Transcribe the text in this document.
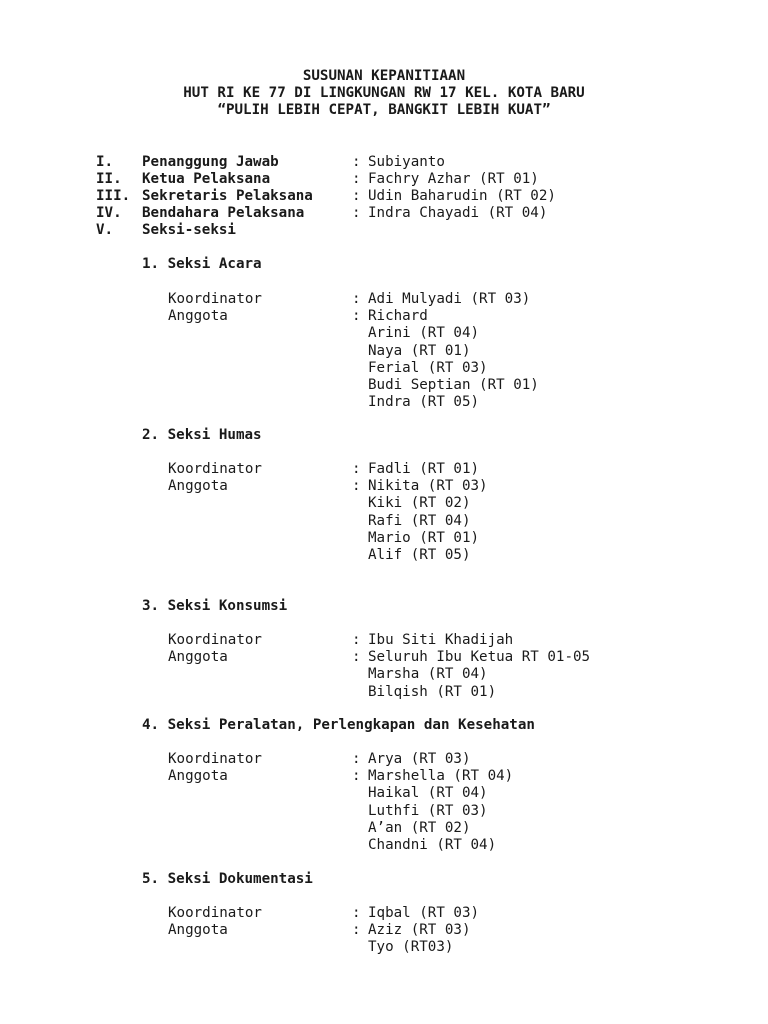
SUSUNAN KEPANITIAAN
HUT RI KE 77 DI LINGKUNGAN RW 17 KEL. KOTA BARU
“PULIH LEBIH CEPAT, BANGKIT LEBIH KUAT”
I. Penanggung Jawab	: Subiyanto
II. Ketua Pelaksana	: Fachry Azhar (RT 01)
III. Sekretaris Pelaksana	: Udin Baharudin (RT 02)
IV. Bendahara Pelaksana	: Indra Chayadi (RT 04)
V. Seksi-seksi
1. Seksi Acara
Koordinator	: Adi Mulyadi (RT 03)
Anggota	: Richard
Arini (RT 04)
Naya (RT 01)
Ferial (RT 03)
Budi Septian (RT 01)
Indra (RT 05)
2. Seksi Humas
Koordinator	: Fadli (RT 01)
Anggota	: Nikita (RT 03)
Kiki (RT 02)
Rafi (RT 04)
Mario (RT 01)
Alif (RT 05)
3. Seksi Konsumsi
Koordinator	: Ibu Siti Khadijah
Anggota	: Seluruh Ibu Ketua RT 01-05
Marsha (RT 04)
Bilqish (RT 01)
4. Seksi Peralatan, Perlengkapan dan Kesehatan
Koordinator	: Arya (RT 03)
Anggota	: Marshella (RT 04)
Haikal (RT 04)
Luthfi (RT 03)
A’an (RT 02)
Chandni (RT 04)
5. Seksi Dokumentasi
Koordinator	: Iqbal (RT 03)
Anggota	: Aziz (RT 03)
Tyo (RT03)
